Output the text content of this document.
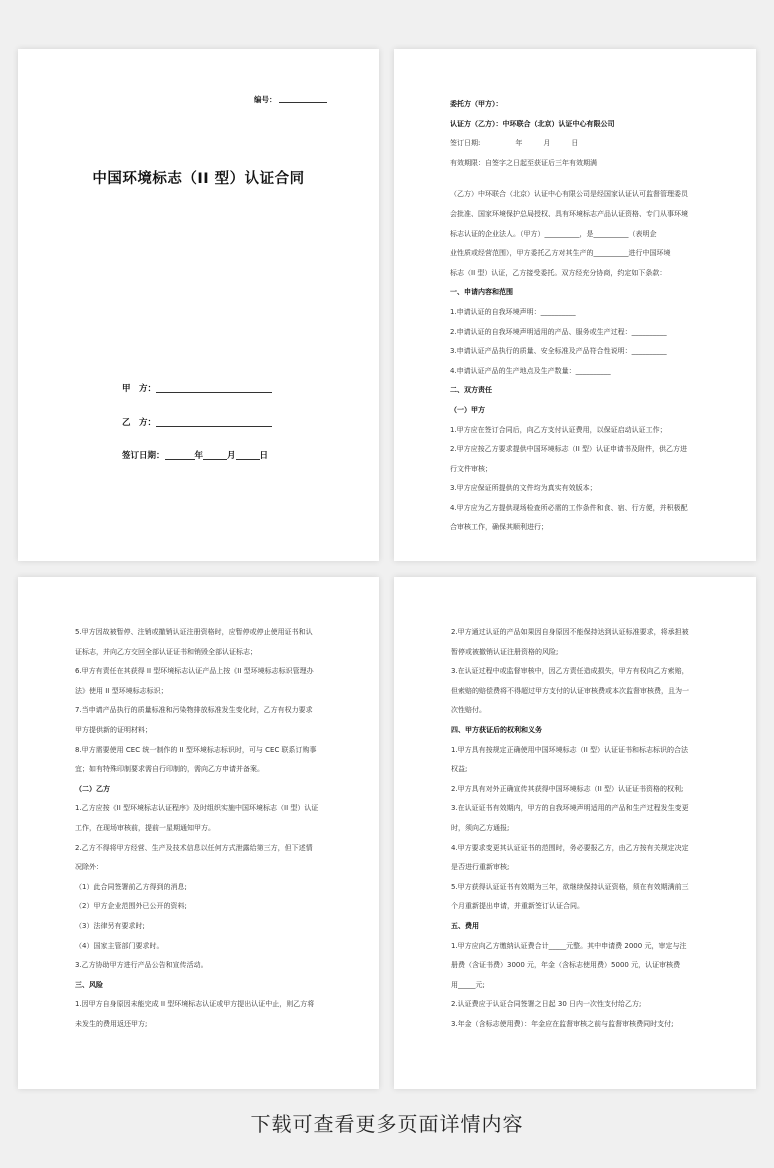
编号：
中国环境标志（II 型）认证合同
甲　方：
乙　方：
签订日期：	年	月	日
委托方（甲方）：
认证方（乙方）：中环联合（北京）认证中心有限公司
签订日期:　　　　　年　　　月　　　日
有效期限：自签字之日起至获证后三年有效期满
（乙方）中环联合（北京）认证中心有限公司是经国家认证认可监督管理委员
会批准、国家环境保护总局授权、具有环境标志产品认证资格、专门从事环境
标志认证的企业法人。（甲方）__________，是__________（表明企
业性质或经营范围），甲方委托乙方对其生产的__________进行中国环境
标志（II 型）认证，乙方接受委托。双方经充分协商，约定如下条款：
一、申请内容和范围
1.申请认证的自我环境声明：__________
2.申请认证的自我环境声明适用的产品、服务或生产过程：__________
3.申请认证产品执行的质量、安全标准及产品符合性说明：__________
4.申请认证产品的生产地点及生产数量：__________
二、双方责任
（一）甲方
1.甲方应在签订合同后，向乙方支付认证费用，以保证启动认证工作；
2.甲方应按乙方要求提供中国环境标志（II 型）认证申请书及附件，供乙方进
行文件审核；
3.甲方应保证所提供的文件均为真实有效版本；
4.甲方应为乙方提供现场检查所必需的工作条件和食、宿、行方便，并积极配
合审核工作，确保其顺利进行；
5.甲方因故被暂停、注销或撤销认证注册资格时，应暂停或停止使用证书和认
证标志，并向乙方交回全部认证证书和销毁全部认证标志；
6.甲方有责任在其获得 II 型环境标志认证产品上按《II 型环境标志标识管理办
法》使用 II 型环境标志标识；
7.当申请产品执行的质量标准和污染物排放标准发生变化时，乙方有权力要求
甲方提供新的证明材料；
8.甲方需要使用 CEC 统一制作的 II 型环境标志标识时，可与 CEC 联系订购事
宜；如有特殊印制要求需自行印制的，需向乙方申请并备案。
（二）乙方
1.乙方应按《II 型环境标志认证程序》及时组织实施中国环境标志（II 型）认证
工作，在现场审核前，提前一星期通知甲方。
2.乙方不得将甲方经营、生产及技术信息以任何方式泄露给第三方，但下述情
况除外：
（1）此合同签署前乙方得到的消息;
（2）甲方企业范围外已公开的资料;
（3）法律另有要求时;
（4）国家主管部门要求时。
3.乙方协助甲方进行产品公告和宣传活动。
三、风险
1.因甲方自身原因未能完成 II 型环境标志认证或甲方提出认证中止，则乙方将
未发生的费用返还甲方;
2.甲方通过认证的产品如果因自身原因不能保持达到认证标准要求，将承担被
暂停或被撤销认证注册资格的风险;
3.在认证过程中或监督审核中，因乙方责任造成损失，甲方有权向乙方索赔，
但索赔的赔偿费将不得超过甲方支付的认证审核费或本次监督审核费，且为一
次性赔付。
四、甲方获证后的权利和义务
1.甲方具有按规定正确使用中国环境标志（II 型）认证证书和标志标识的合法
权益;
2.甲方具有对外正确宣传其获得中国环境标志（II 型）认证证书资格的权利;
3.在认证证书有效期内，甲方的自我环境声明适用的产品和生产过程发生变更
时，须向乙方通报;
4.甲方要求变更其认证证书的范围时，务必要报乙方，由乙方按有关规定决定
是否进行重新审核;
5.甲方获得认证证书有效期为三年，欲继续保持认证资格，须在有效期满前三
个月重新提出申请，并重新签订认证合同。
五、费用
1.甲方应向乙方缴纳认证费合计_____元整。其中申请费 2000 元，审定与注
册费（含证书费）3000 元，年金（含标志使用费）5000 元，认证审核费
用_____元;
2.认证费应于认证合同签署之日起 30 日内一次性支付给乙方;
3.年金（含标志使用费）：年金应在监督审核之前与监督审核费同时支付;
下载可查看更多页面详情内容
